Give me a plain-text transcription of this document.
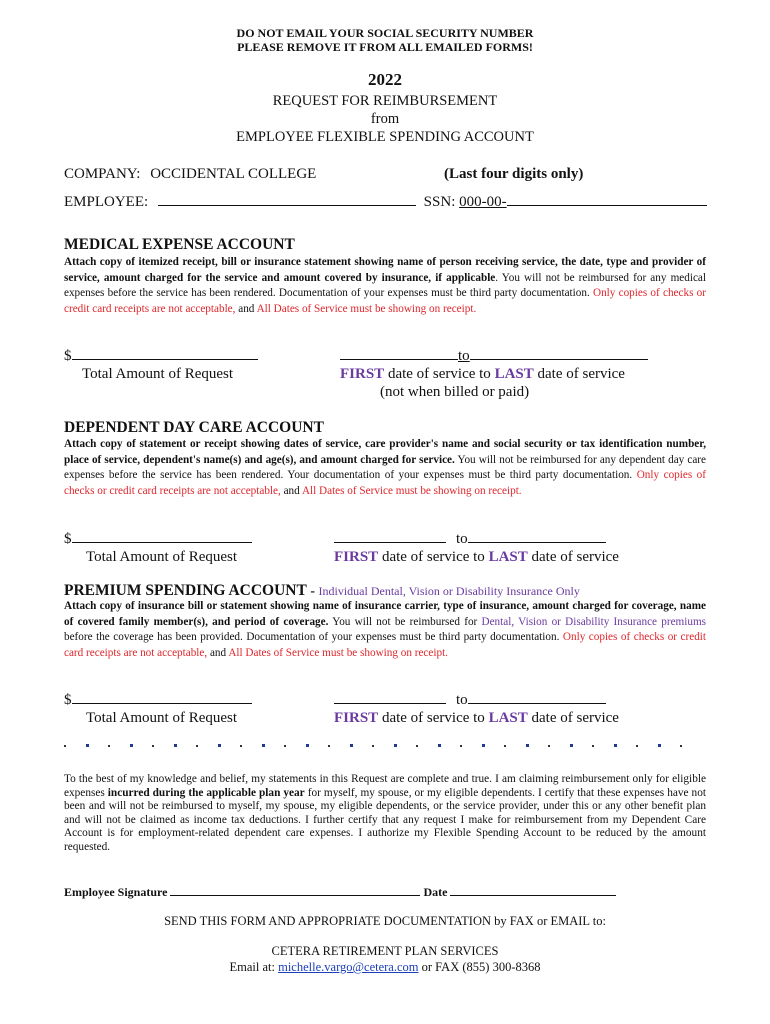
DO NOT EMAIL YOUR SOCIAL SECURITY NUMBER
PLEASE REMOVE IT FROM ALL EMAILED FORMS!
2022
REQUEST FOR REIMBURSEMENT
from
EMPLOYEE FLEXIBLE SPENDING ACCOUNT
COMPANY: OCCIDENTAL COLLEGE	(Last four digits only)
EMPLOYEE:	SSN: 000-00-
MEDICAL EXPENSE ACCOUNT
Attach copy of itemized receipt, bill or insurance statement showing name of person receiving service, the date, type and provider of service, amount charged for the service and amount covered by insurance, if applicable. You will not be reimbursed for any medical expenses before the service has been rendered. Documentation of your expenses must be third party documentation. Only copies of checks or credit card receipts are not acceptable, and All Dates of Service must be showing on receipt.
$
Total Amount of Request
to
FIRST date of service to LAST date of service
(not when billed or paid)
DEPENDENT DAY CARE ACCOUNT
Attach copy of statement or receipt showing dates of service, care provider's name and social security or tax identification number, place of service, dependent's name(s) and age(s), and amount charged for service. You will not be reimbursed for any dependent day care expenses before the service has been rendered. Your documentation of your expenses must be third party documentation. Only copies of checks or credit card receipts are not acceptable, and All Dates of Service must be showing on receipt.
$
Total Amount of Request
to
FIRST date of service to LAST date of service
PREMIUM SPENDING ACCOUNT - Individual Dental, Vision or Disability Insurance Only
Attach copy of insurance bill or statement showing name of insurance carrier, type of insurance, amount charged for coverage, name of covered family member(s), and period of coverage. You will not be reimbursed for Dental, Vision or Disability Insurance premiums before the coverage has been provided. Documentation of your expenses must be third party documentation. Only copies of checks or credit card receipts are not acceptable, and All Dates of Service must be showing on receipt.
$
Total Amount of Request
to
FIRST date of service to LAST date of service
To the best of my knowledge and belief, my statements in this Request are complete and true. I am claiming reimbursement only for eligible expenses incurred during the applicable plan year for myself, my spouse, or my eligible dependents. I certify that these expenses have not been and will not be reimbursed to myself, my spouse, my eligible dependents, or the service provider, under this or any other benefit plan and will not be claimed as income tax deductions. I further certify that any request I make for reimbursement from my Dependent Care Account is for employment-related dependent care expenses. I authorize my Flexible Spending Account to be reduced by the amount requested.
Employee Signature	Date
SEND THIS FORM AND APPROPRIATE DOCUMENTATION by FAX or EMAIL to:
CETERA RETIREMENT PLAN SERVICES
Email at: michelle.vargo@cetera.com or FAX (855) 300-8368
